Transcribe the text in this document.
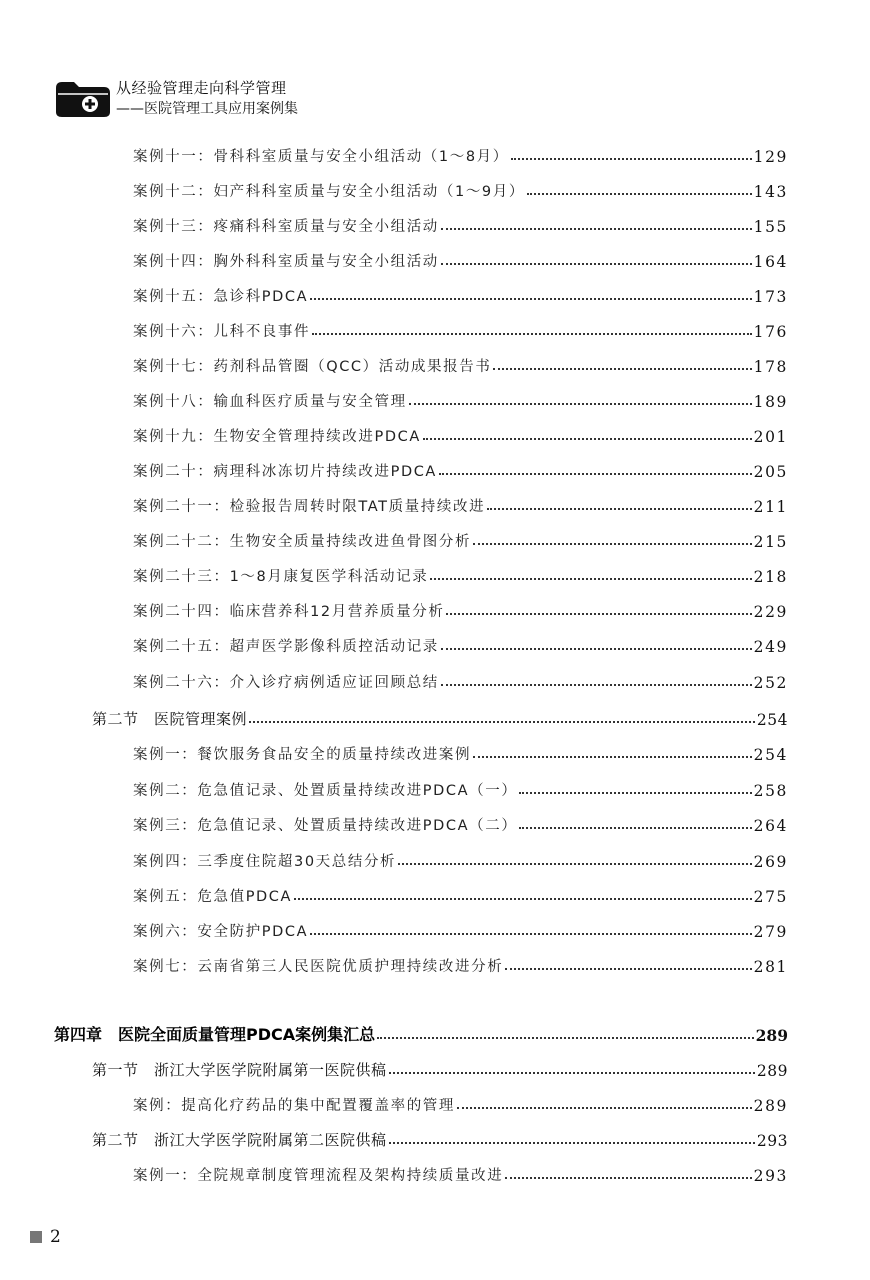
从经验管理走向科学管理
——医院管理工具应用案例集
案例十一：骨科科室质量与安全小组活动（1～8月）	129
案例十二：妇产科科室质量与安全小组活动（1～9月）	143
案例十三：疼痛科科室质量与安全小组活动	155
案例十四：胸外科科室质量与安全小组活动	164
案例十五：急诊科PDCA	173
案例十六：儿科不良事件	176
案例十七：药剂科品管圈（QCC）活动成果报告书	178
案例十八：输血科医疗质量与安全管理	189
案例十九：生物安全管理持续改进PDCA	201
案例二十：病理科冰冻切片持续改进PDCA	205
案例二十一：检验报告周转时限TAT质量持续改进	211
案例二十二：生物安全质量持续改进鱼骨图分析	215
案例二十三：1～8月康复医学科活动记录	218
案例二十四：临床营养科12月营养质量分析	229
案例二十五：超声医学影像科质控活动记录	249
案例二十六：介入诊疗病例适应证回顾总结	252
第二节　医院管理案例	254
案例一：餐饮服务食品安全的质量持续改进案例	254
案例二：危急值记录、处置质量持续改进PDCA（一）	258
案例三：危急值记录、处置质量持续改进PDCA（二）	264
案例四：三季度住院超30天总结分析	269
案例五：危急值PDCA	275
案例六：安全防护PDCA	279
案例七：云南省第三人民医院优质护理持续改进分析	281
第四章　医院全面质量管理PDCA案例集汇总	289
第一节　浙江大学医学院附属第一医院供稿	289
案例：提高化疗药品的集中配置覆盖率的管理	289
第二节　浙江大学医学院附属第二医院供稿	293
案例一：全院规章制度管理流程及架构持续质量改进	293
2
